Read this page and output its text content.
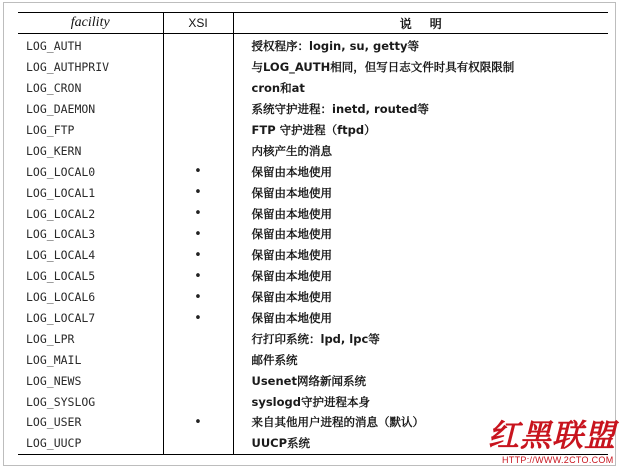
facility	XSI	说明
LOG_AUTH		授权程序：login, su, getty等
LOG_AUTHPRIV		与LOG_AUTH相同，但写日志文件时具有权限限制
LOG_CRON		cron和at
LOG_DAEMON		系统守护进程：inetd, routed等
LOG_FTP		FTP 守护进程（ftpd）
LOG_KERN		内核产生的消息
LOG_LOCAL0	•	保留由本地使用
LOG_LOCAL1	•	保留由本地使用
LOG_LOCAL2	•	保留由本地使用
LOG_LOCAL3	•	保留由本地使用
LOG_LOCAL4	•	保留由本地使用
LOG_LOCAL5	•	保留由本地使用
LOG_LOCAL6	•	保留由本地使用
LOG_LOCAL7	•	保留由本地使用
LOG_LPR		行打印系统：lpd, lpc等
LOG_MAIL		邮件系统
LOG_NEWS		Usenet网络新闻系统
LOG_SYSLOG		syslogd守护进程本身
LOG_USER	•	来自其他用户进程的消息（默认）
LOG_UUCP		UUCP系统	红黑联盟
HTTP://WWW.2CTO.COM
